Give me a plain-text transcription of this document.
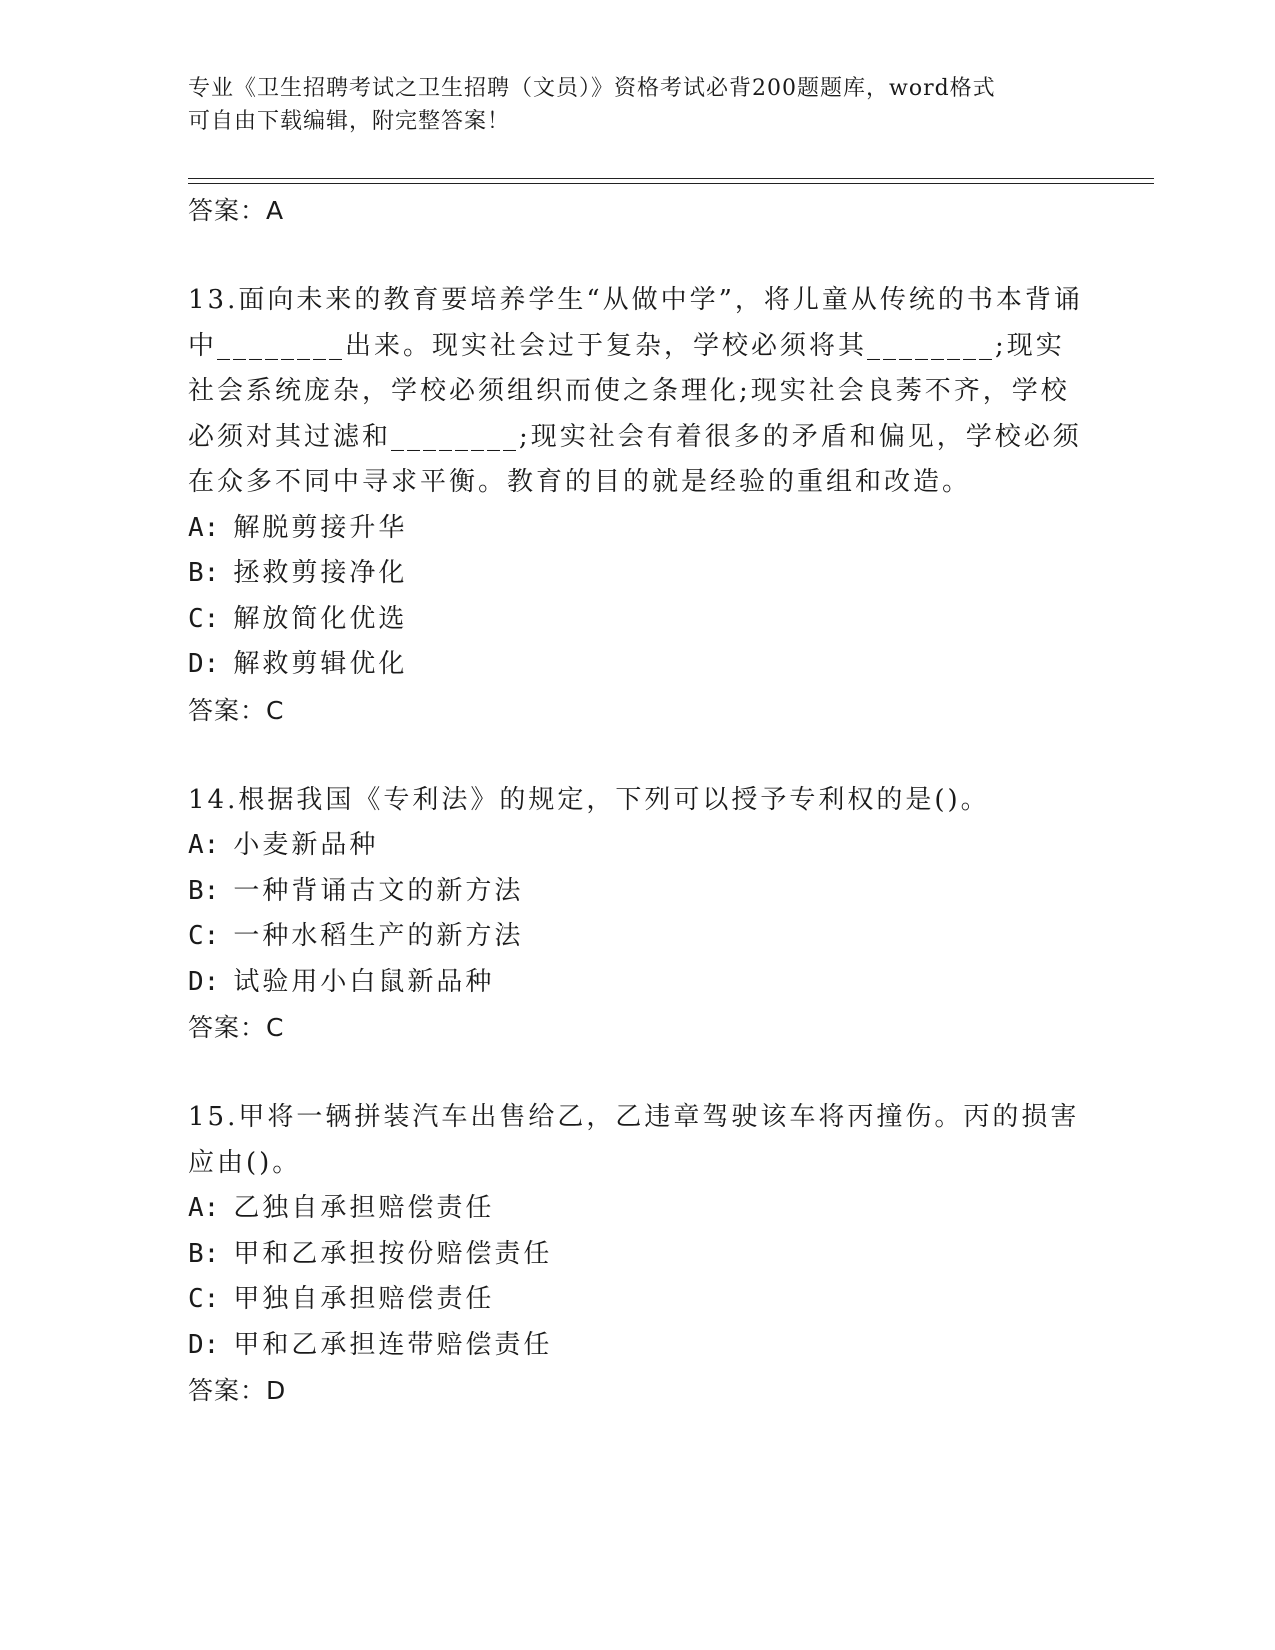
专业《卫生招聘考试之卫生招聘（文员）》资格考试必背200题题库，word格式
可自由下载编辑，附完整答案！
答案：A
13.面向未来的教育要培养学生“从做中学”，将儿童从传统的书本背诵中________出来。现实社会过于复杂，学校必须将其________;现实社会系统庞杂，学校必须组织而使之条理化;现实社会良莠不齐，学校必须对其过滤和________;现实社会有着很多的矛盾和偏见，学校必须在众多不同中寻求平衡。教育的目的就是经验的重组和改造。
A: 解脱剪接升华
B: 拯救剪接净化
C: 解放简化优选
D: 解救剪辑优化
答案：C
14.根据我国《专利法》的规定，下列可以授予专利权的是()。
A: 小麦新品种
B: 一种背诵古文的新方法
C: 一种水稻生产的新方法
D: 试验用小白鼠新品种
答案：C
15.甲将一辆拼装汽车出售给乙，乙违章驾驶该车将丙撞伤。丙的损害应由()。
A: 乙独自承担赔偿责任
B: 甲和乙承担按份赔偿责任
C: 甲独自承担赔偿责任
D: 甲和乙承担连带赔偿责任
答案：D
